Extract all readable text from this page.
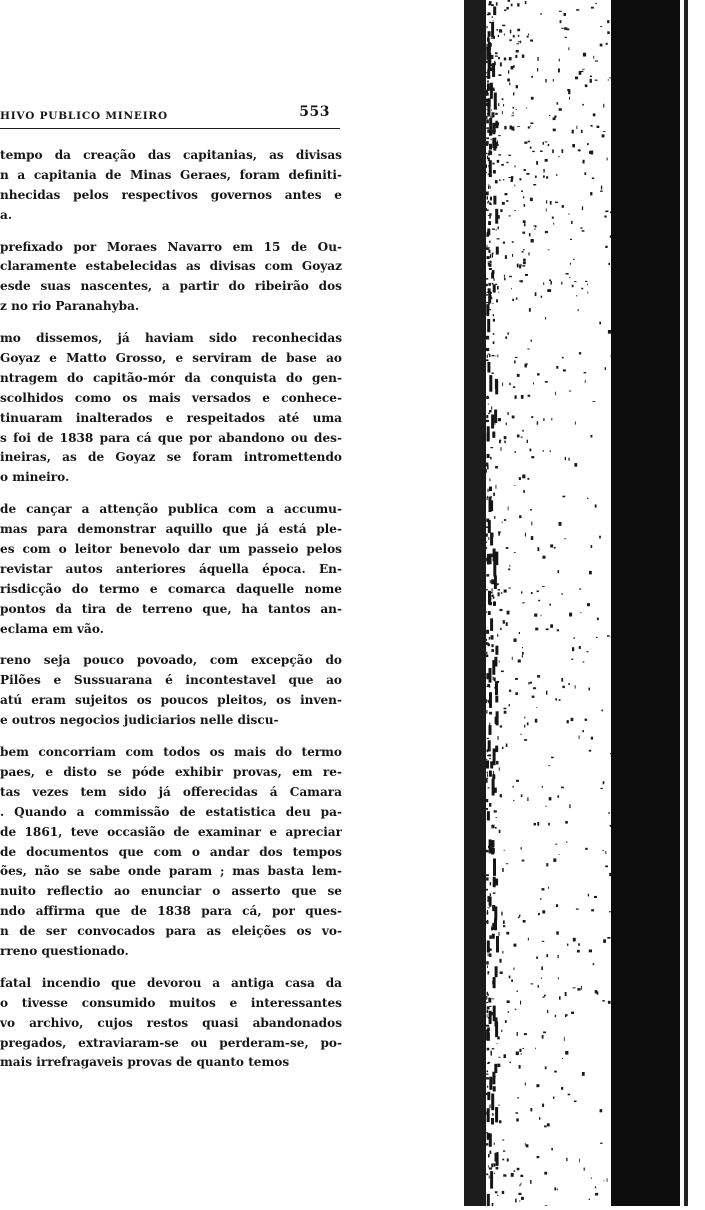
HIVO PUBLICO MINEIRO	553
tempo da creação das capitanias, as divisas
n a capitania de Minas Geraes, foram definiti-
nhecidas pelos respectivos governos antes e
a.
prefixado por Moraes Navarro em 15 de Ou-
claramente estabelecidas as divisas com Goyaz
esde suas nascentes, a partir do ribeirão dos
z no rio Paranahyba.
mo dissemos, já haviam sido reconhecidas
Goyaz e Matto Grosso, e serviram de base ao
ntragem do capitão-mór da conquista do gen-
scolhidos como os mais versados e conhece-
tinuaram inalterados e respeitados até uma
s foi de 1838 para cá que por abandono ou des-
ineiras, as de Goyaz se foram intromettendo
o mineiro.
de cançar a attenção publica com a accumu-
mas para demonstrar aquillo que já está ple-
es com o leitor benevolo dar um passeio pelos
revistar autos anteriores áquella época. En-
risdicção do termo e comarca daquelle nome
pontos da tira de terreno que, ha tantos an-
eclama em vão.
reno seja pouco povoado, com excepção do
Pilões e Sussuarana é incontestavel que ao
atú eram sujeitos os poucos pleitos, os inven-
e outros negocios judiciarios nelle discu-
bem concorriam com todos os mais do termo
paes, e disto se póde exhibir provas, em re-
tas vezes tem sido já offerecidas á Camara
. Quando a commissão de estatistica deu pa-
de 1861, teve occasião de examinar e apreciar
de documentos que com o andar dos tempos
ões, não se sabe onde param ; mas basta lem-
nuito reflectio ao enunciar o asserto que se
ndo affirma que de 1838 para cá, por ques-
n de ser convocados para as eleições os vo-
rreno questionado.
fatal incendio que devorou a antiga casa da
o tivesse consumido muitos e interessantes
vo archivo, cujos restos quasi abandonados
pregados, extraviaram-se ou perderam-se, po-
mais irrefragaveis provas de quanto temos
